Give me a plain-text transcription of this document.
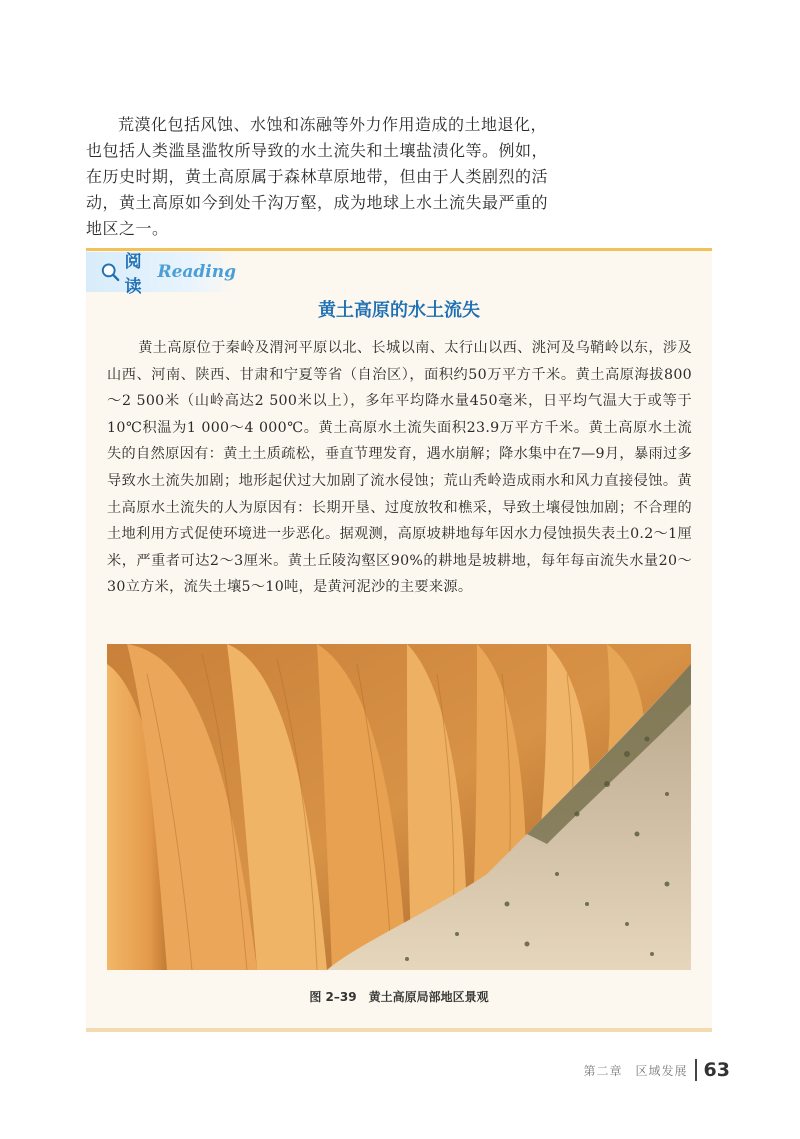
荒漠化包括风蚀、水蚀和冻融等外力作用造成的土地退化，也包括人类滥垦滥牧所导致的水土流失和土壤盐渍化等。例如，在历史时期，黄土高原属于森林草原地带，但由于人类剧烈的活动，黄土高原如今到处千沟万壑，成为地球上水土流失最严重的地区之一。

阅读
Reading
黄土高原的水土流失

黄土高原位于秦岭及渭河平原以北、长城以南、太行山以西、洮河及乌鞘岭以东，涉及山西、河南、陕西、甘肃和宁夏等省（自治区），面积约50万平方千米。黄土高原海拔800～2 500米（山岭高达2 500米以上），多年平均降水量450毫米，日平均气温大于或等于10℃积温为1 000～4 000℃。黄土高原水土流失面积23.9万平方千米。黄土高原水土流失的自然原因有：黄土土质疏松，垂直节理发育，遇水崩解；降水集中在7—9月，暴雨过多导致水土流失加剧；地形起伏过大加剧了流水侵蚀；荒山秃岭造成雨水和风力直接侵蚀。黄土高原水土流失的人为原因有：长期开垦、过度放牧和樵采，导致土壤侵蚀加剧；不合理的土地利用方式促使环境进一步恶化。据观测，高原坡耕地每年因水力侵蚀损失表土0.2～1厘米，严重者可达2～3厘米。黄土丘陵沟壑区90%的耕地是坡耕地，每年每亩流失水量20～30立方米，流失土壤5～10吨，是黄河泥沙的主要来源。

图 2–39　黄土高原局部地区景观

第二章　区域发展 63
